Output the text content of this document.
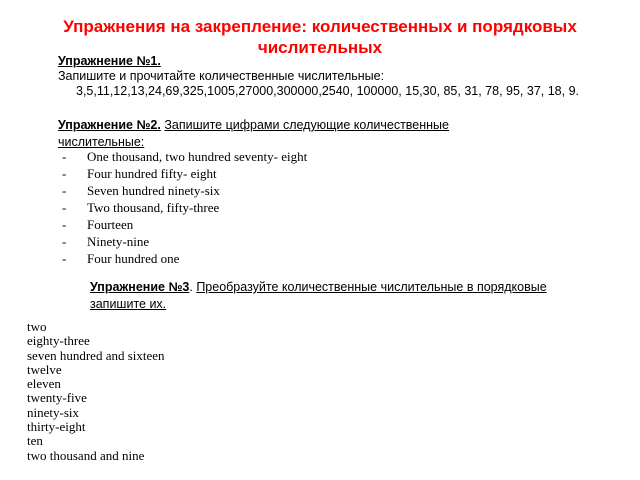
Упражнения на закрепление: количественных и порядковых числительных
Упражнение №1.
Запишите и прочитайте количественные числительные:
3,5,11,12,13,24,69,325,1005,27000,300000,2540, 100000, 15,30, 85, 31, 78, 95, 37, 18, 9.
Упражнение №2. Запишите цифрами следующие количественные числительные:
- One thousand, two hundred seventy- eight
- Four hundred fifty- eight
- Seven hundred ninety-six
- Two thousand, fifty-three
- Fourteen
- Ninety-nine
- Four hundred one
Упражнение №3. Преобразуйте количественные числительные в порядковые запишите их.
two
eighty-three
seven hundred and sixteen
twelve
eleven
twenty-five
ninety-six
thirty-eight
ten
two thousand and nine
